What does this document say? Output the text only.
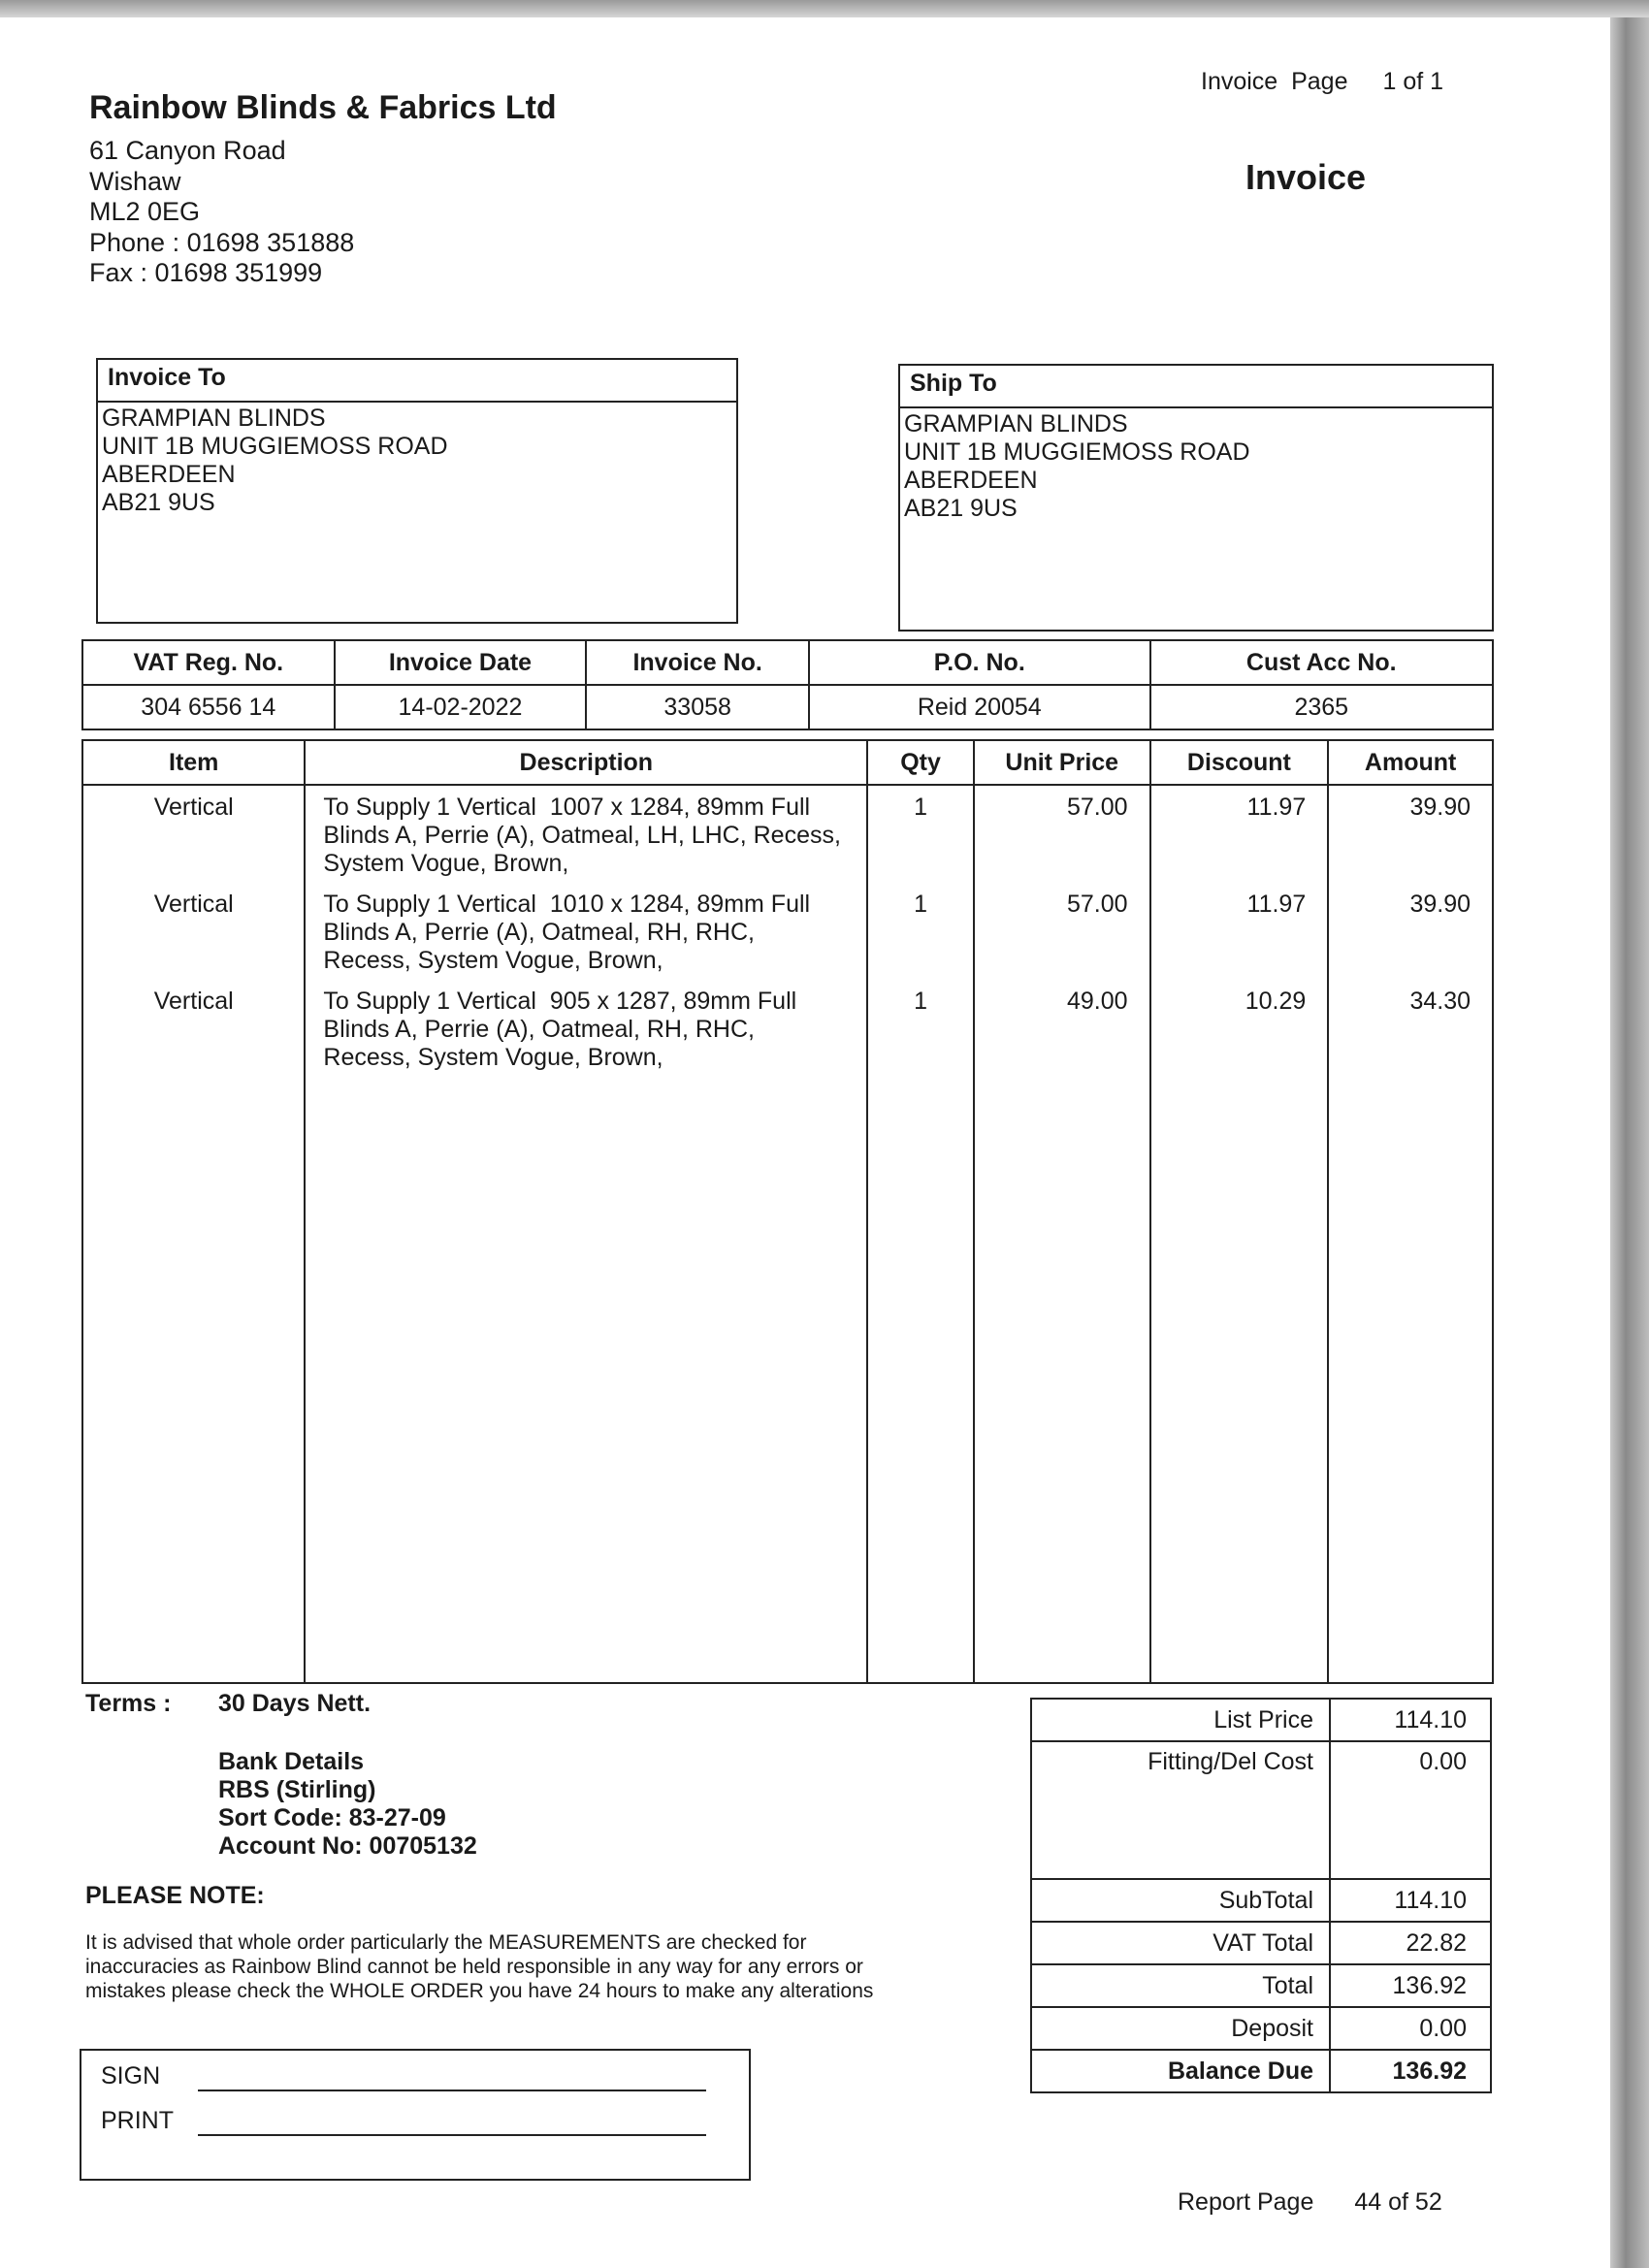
Rainbow Blinds & Fabrics Ltd
61 Canyon Road
Wishaw
ML2 0EG
Phone : 01698 351888
Fax : 01698 351999
Invoice  Page 1 of 1
Invoice
Invoice To
GRAMPIAN BLINDS
UNIT 1B MUGGIEMOSS ROAD
ABERDEEN
AB21 9US
Ship To
GRAMPIAN BLINDS
UNIT 1B MUGGIEMOSS ROAD
ABERDEEN
AB21 9US
VAT Reg. No.	Invoice Date	Invoice No.	P.O. No.	Cust Acc No.
304 6556 14	14-02-2022	33058	Reid 20054	2365
Item	Description	Qty	Unit Price	Discount	Amount
Vertical	To Supply 1 Vertical  1007 x 1284, 89mm Full
Blinds A, Perrie (A), Oatmeal, LH, LHC, Recess,
System Vogue, Brown,	1	57.00	11.97	39.90
Vertical	To Supply 1 Vertical  1010 x 1284, 89mm Full
Blinds A, Perrie (A), Oatmeal, RH, RHC,
Recess, System Vogue, Brown,	1	57.00	11.97	39.90
Vertical	To Supply 1 Vertical  905 x 1287, 89mm Full
Blinds A, Perrie (A), Oatmeal, RH, RHC,
Recess, System Vogue, Brown,	1	49.00	10.29	34.30

Terms : 30 Days Nett.
Bank Details
RBS (Stirling)
Sort Code: 83-27-09
Account No: 00705132
PLEASE NOTE:
It is advised that whole order particularly the MEASUREMENTS are checked for
inaccuracies as Rainbow Blind cannot be held responsible in any way for any errors or
mistakes please check the WHOLE ORDER you have 24 hours to make any alterations
SIGN
PRINT
List Price	114.10
Fitting/Del Cost	0.00
SubTotal	114.10
VAT Total	22.82
Total	136.92
Deposit	0.00
Balance Due	136.92
Report Page 44 of 52
